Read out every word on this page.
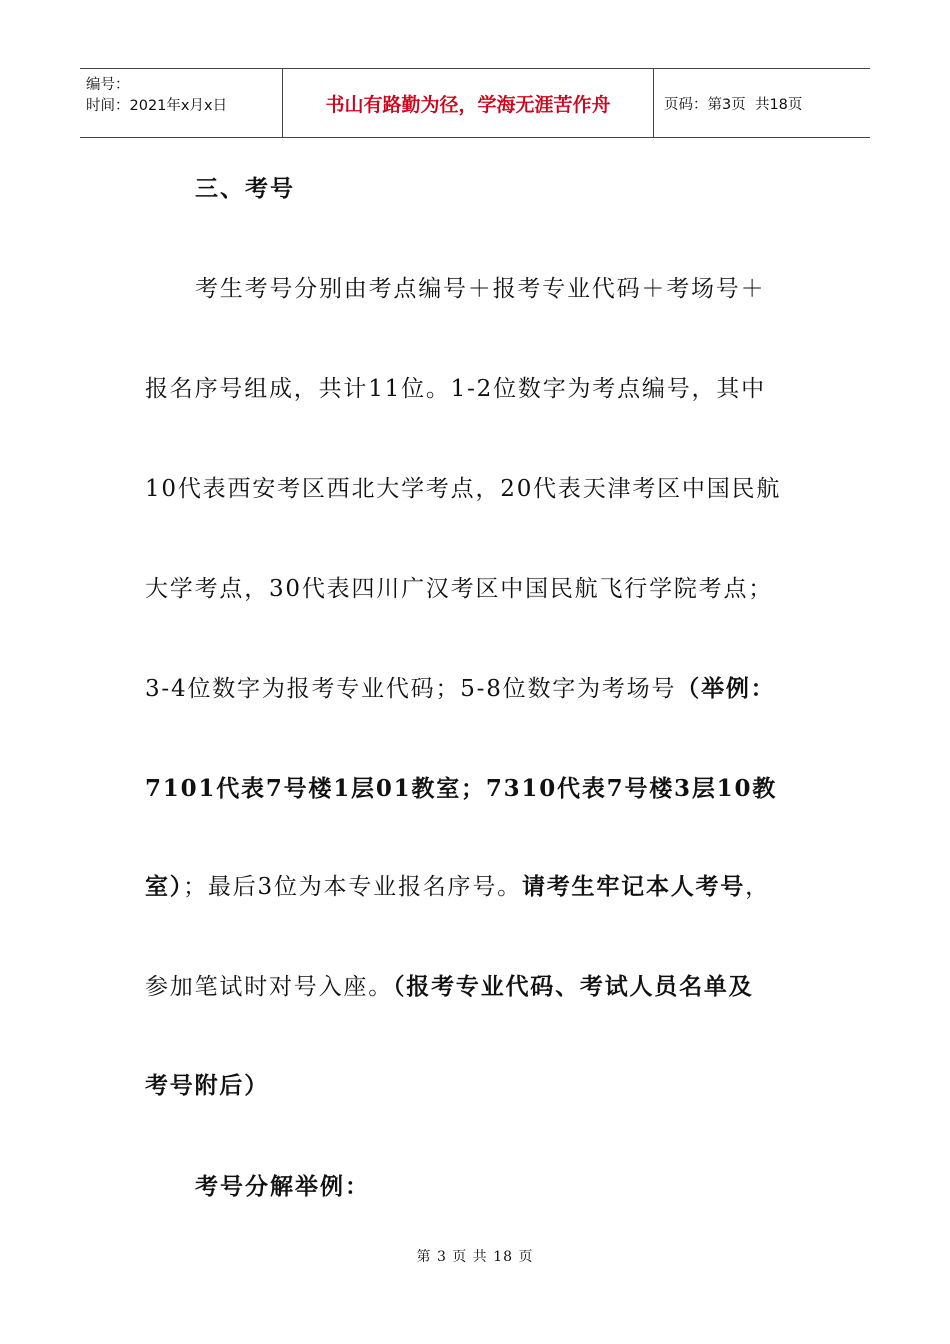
编号：
时间：2021年x月x日	书山有路勤为径，学海无涯苦作舟	页码：第3页  共18页
三、考号
考生考号分别由考点编号＋报考专业代码＋考场号＋
报名序号组成，共计11位。1-2位数字为考点编号，其中
10代表西安考区西北大学考点，20代表天津考区中国民航
大学考点，30代表四川广汉考区中国民航飞行学院考点；
3-4位数字为报考专业代码；5-8位数字为考场号（举例：
7101代表7号楼1层01教室；7310代表7号楼3层10教
室）；最后3位为本专业报名序号。请考生牢记本人考号，
参加笔试时对号入座。（报考专业代码、考试人员名单及
考号附后）
考号分解举例：
第 3 页 共 18 页
